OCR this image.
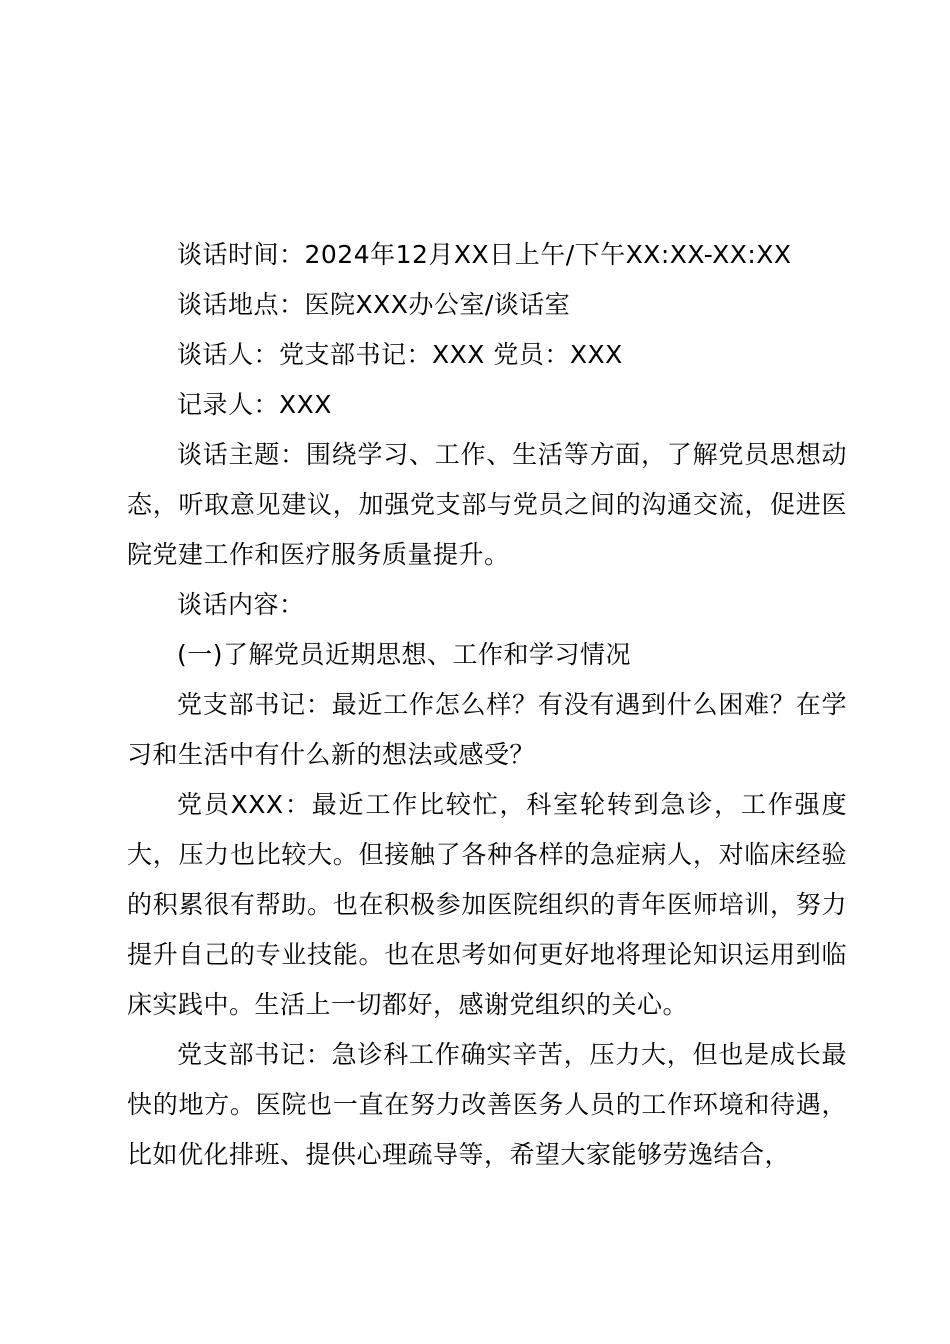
谈话时间：2024年12月XX日上午/下午XX:XX-XX:XX

谈话地点：医院XXX办公室/谈话室

谈话人：党支部书记：XXX 党员：XXX

记录人：XXX

谈话主题：围绕学习、工作、生活等方面，了解党员思想动态，听取意见建议，加强党支部与党员之间的沟通交流，促进医院党建工作和医疗服务质量提升。

谈话内容：

(一)了解党员近期思想、工作和学习情况

党支部书记：最近工作怎么样？有没有遇到什么困难？在学习和生活中有什么新的想法或感受？

党员XXX：最近工作比较忙，科室轮转到急诊，工作强度大，压力也比较大。但接触了各种各样的急症病人，对临床经验的积累很有帮助。也在积极参加医院组织的青年医师培训，努力提升自己的专业技能。也在思考如何更好地将理论知识运用到临床实践中。生活上一切都好，感谢党组织的关心。

党支部书记：急诊科工作确实辛苦，压力大，但也是成长最快的地方。医院也一直在努力改善医务人员的工作环境和待遇，比如优化排班、提供心理疏导等，希望大家能够劳逸结合，
